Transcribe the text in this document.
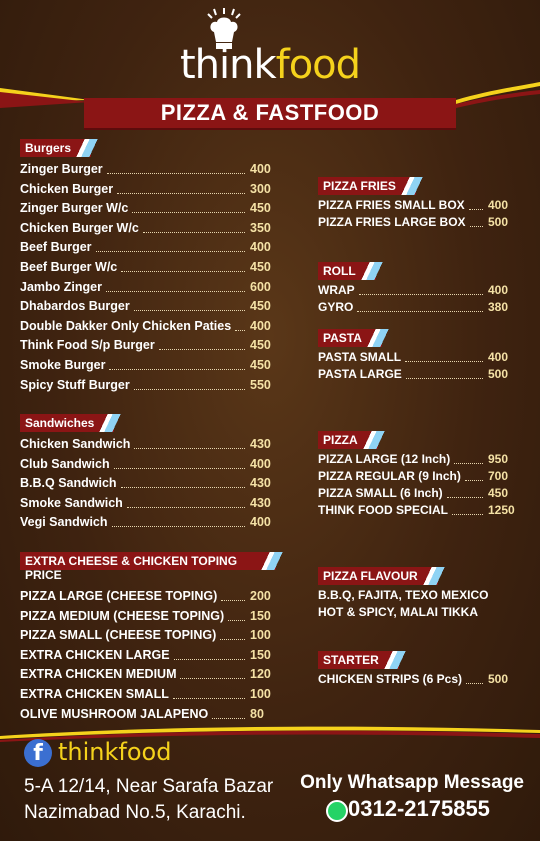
thinkfood
PIZZA & FASTFOOD
Burgers
Zinger Burger	400
Chicken Burger	300
Zinger Burger W/c	450
Chicken Burger W/c	350
Beef Burger	400
Beef Burger W/c	450
Jambo Zinger	600
Dhabardos Burger	450
Double Dakker Only Chicken Paties 400
Think Food S/p Burger	450
Smoke Burger	450
Spicy Stuff Burger	550
Sandwiches
Chicken Sandwich	430
Club Sandwich	400
B.B.Q Sandwich	430
Smoke Sandwich	430
Vegi Sandwich	400
EXTRA CHEESE & CHICKEN TOPING PRICE
PIZZA LARGE (CHEESE TOPING)	200
PIZZA MEDIUM (CHEESE TOPING) 150
PIZZA SMALL (CHEESE TOPING)	100
EXTRA CHICKEN LARGE	150
EXTRA CHICKEN MEDIUM	120
EXTRA CHICKEN SMALL	100
OLIVE MUSHROOM JALAPENO	80
PIZZA FRIES
PIZZA FRIES SMALL BOX 400
PIZZA FRIES LARGE BOX 500
ROLL
WRAP	400
GYRO	380
PASTA
PASTA SMALL	400
PASTA LARGE	500
PIZZA
PIZZA LARGE (12 Inch)	950
PIZZA REGULAR (9 Inch) 700
PIZZA SMALL (6 Inch)	450
THINK FOOD SPECIAL	1250
PIZZA FLAVOUR
B.B.Q, FAJITA, TEXO MEXICO
HOT & SPICY, MALAI TIKKA
STARTER
CHICKEN STRIPS (6 Pcs) 500
f thinkfood
5-A 12/14, Near Sarafa Bazar
Nazimabad No.5, Karachi.
Only Whatsapp Message
0312-2175855
